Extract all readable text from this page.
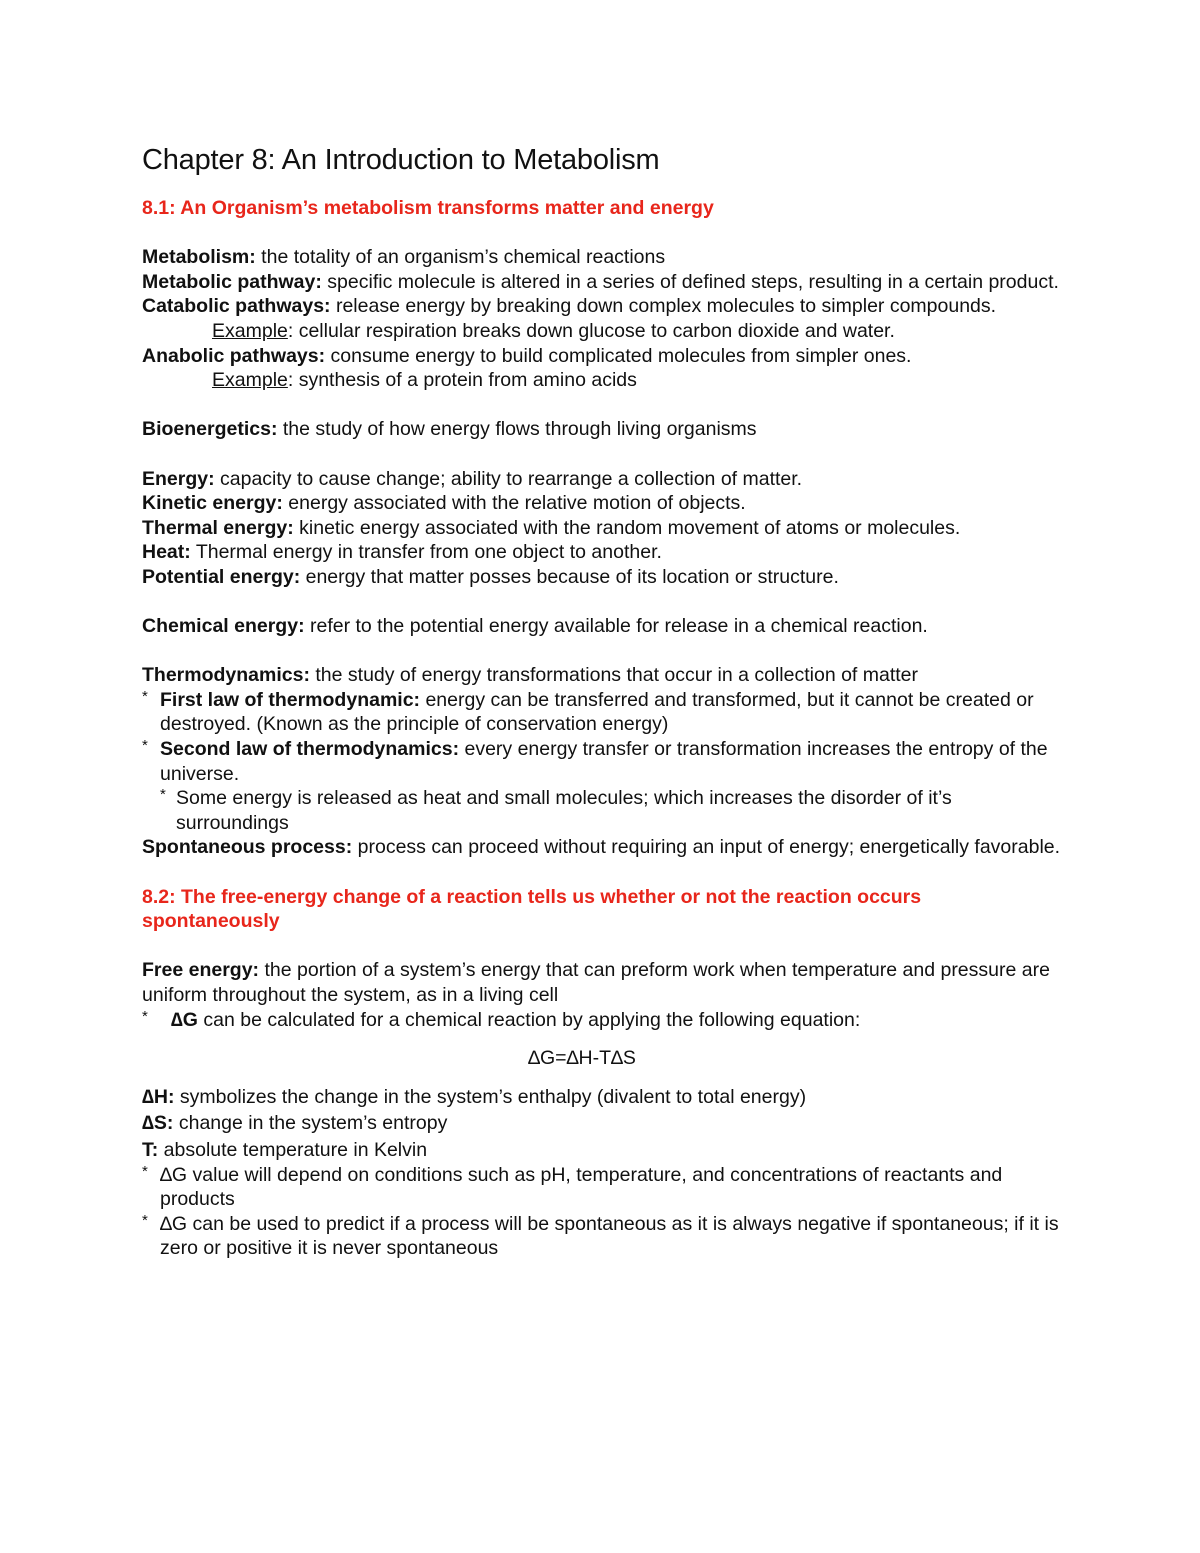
Chapter 8: An Introduction to Metabolism

8.1: An Organism’s metabolism transforms matter and energy

Metabolism: the totality of an organism’s chemical reactions

Metabolic pathway: specific molecule is altered in a series of defined steps, resulting in a certain product.

Catabolic pathways: release energy by breaking down complex molecules to simpler compounds.

Example: cellular respiration breaks down glucose to carbon dioxide and water.

Anabolic pathways: consume energy to build complicated molecules from simpler ones.

Example: synthesis of a protein from amino acids

Bioenergetics: the study of how energy flows through living organisms

Energy: capacity to cause change; ability to rearrange a collection of matter.

Kinetic energy: energy associated with the relative motion of objects.

Thermal energy: kinetic energy associated with the random movement of atoms or molecules.

Heat: Thermal energy in transfer from one object to another.

Potential energy: energy that matter posses because of its location or structure.

Chemical energy: refer to the potential energy available for release in a chemical reaction.

Thermodynamics: the study of energy transformations that occur in a collection of matter

* First law of thermodynamic: energy can be transferred and transformed, but it cannot be created or destroyed. (Known as the principle of conservation energy)

* Second law of thermodynamics: every energy transfer or transformation increases the entropy of the universe.

* Some energy is released as heat and small molecules; which increases the disorder of it’s surroundings

Spontaneous process: process can proceed without requiring an input of energy; energetically favorable.

8.2: The free-energy change of a reaction tells us whether or not the reaction occurs spontaneously

Free energy: the portion of a system’s energy that can preform work when temperature and pressure are uniform throughout the system, as in a living cell

* ∆G can be calculated for a chemical reaction by applying the following equation:

∆G=∆H-T∆S

∆H: symbolizes the change in the system’s enthalpy (divalent to total energy)

∆S: change in the system’s entropy

T: absolute temperature in Kelvin

* ∆G value will depend on conditions such as pH, temperature, and concentrations of reactants and products

* ∆G can be used to predict if a process will be spontaneous as it is always negative if spontaneous; if it is zero or positive it is never spontaneous
